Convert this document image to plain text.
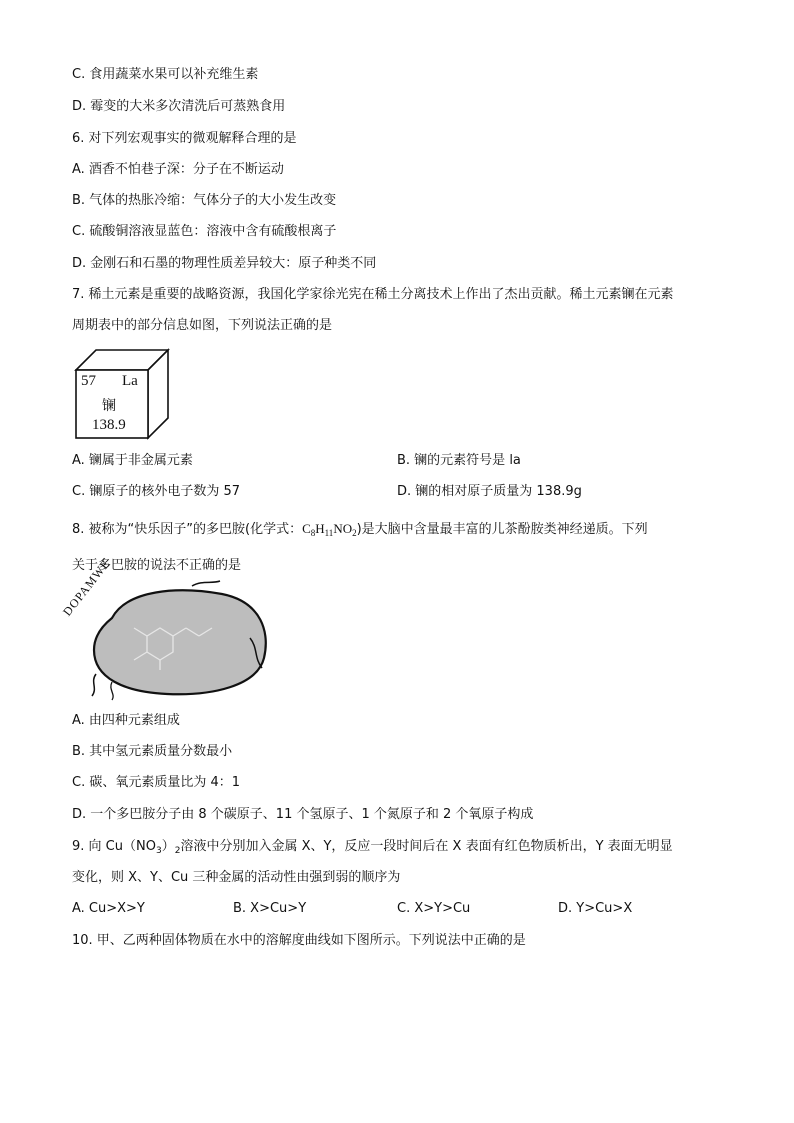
C. 食用蔬菜水果可以补充维生素
D. 霉变的大米多次清洗后可蒸熟食用
6. 对下列宏观事实的微观解释合理的是
A. 酒香不怕巷子深：分子在不断运动
B. 气体的热胀冷缩：气体分子的大小发生改变
C. 硫酸铜溶液显蓝色：溶液中含有硫酸根离子
D. 金刚石和石墨的物理性质差异较大：原子种类不同
7. 稀土元素是重要的战略资源，我国化学家徐光宪在稀土分离技术上作出了杰出贡献。稀土元素镧在元素
周期表中的部分信息如图，下列说法正确的是
57 La
镧
138.9
A. 镧属于非金属元素	B. 镧的元素符号是 la
C. 镧原子的核外电子数为 57	D. 镧的相对原子质量为 138.9g
8. 被称为“快乐因子”的多巴胺(化学式：$C_8H_{11}NO_2$)是大脑中含量最丰富的儿茶酚胺类神经递质。下列
关于多巴胺的说法不正确的是
DOPAMWE
A. 由四种元素组成
B. 其中氢元素质量分数最小
C. 碳、氧元素质量比为 4：1
D. 一个多巴胺分子由 8 个碳原子、11 个氢原子、1 个氮原子和 2 个氧原子构成
9. 向 $Cu(NO_3)_2$溶液中分别加入金属 X、Y，反应一段时间后在 X 表面有红色物质析出，Y 表面无明显
变化，则 X、Y、Cu 三种金属的活动性由强到弱的顺序为
A. Cu>X>Y	B. X>Cu>Y	C. X>Y>Cu	D. Y>Cu>X
10. 甲、乙两种固体物质在水中的溶解度曲线如下图所示。下列说法中正确的是
